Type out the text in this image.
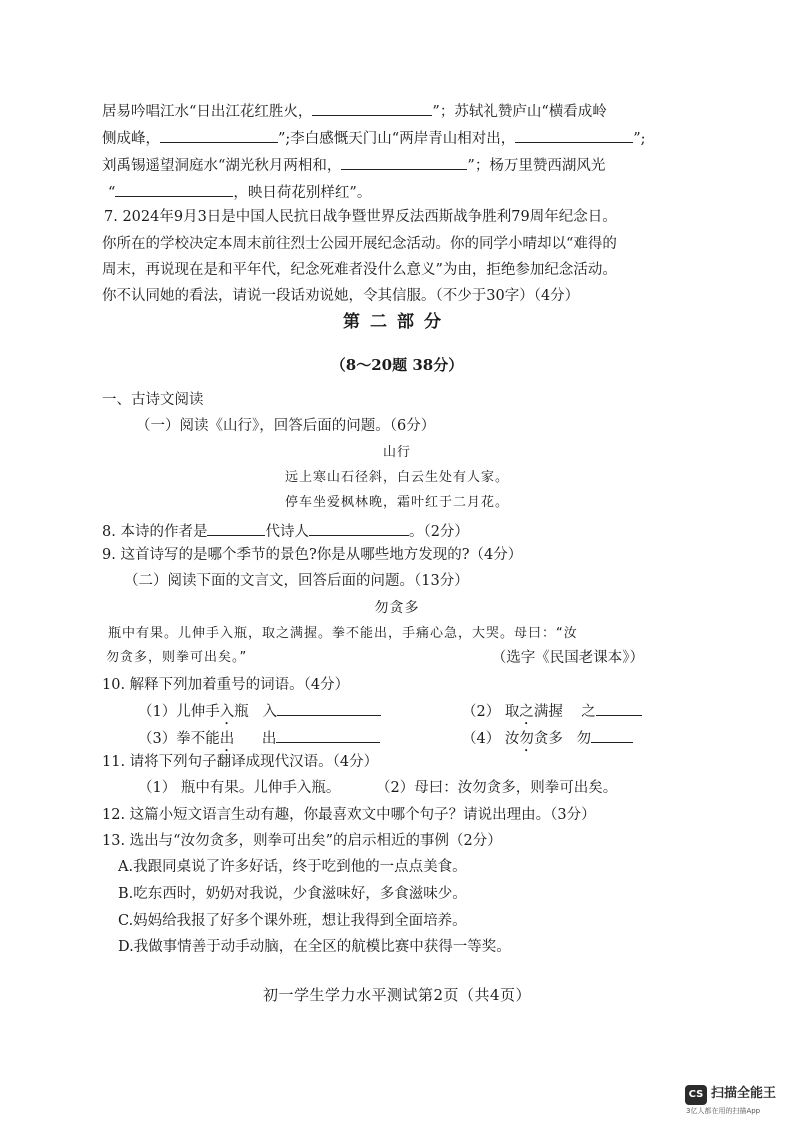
居易吟唱江水“日出江花红胜火，	”；苏轼礼赞庐山“横看成岭
侧成峰，	”;李白感慨天门山“两岸青山相对出，	”;
刘禹锡遥望洞庭水“湖光秋月两相和，	”；杨万里赞西湖风光
“	，映日荷花别样红”。
7. 2024年9月3日是中国人民抗日战争暨世界反法西斯战争胜利79周年纪念日。
你所在的学校决定本周末前往烈士公园开展纪念活动。你的同学小晴却以“难得的
周末，再说现在是和平年代，纪念死难者没什么意义”为由，拒绝参加纪念活动。
你不认同她的看法，请说一段话劝说她，令其信服。（不少于30字）（4分）
第二部分
（8～20题 38分）
一、古诗文阅读
（一）阅读《山行》，回答后面的问题。（6分）
山行
远上寒山石径斜，白云生处有人家。
停车坐爱枫林晚，霜叶红于二月花。
8. 本诗的作者是	代诗人	。（2分）
9. 这首诗写的是哪个季节的景色?你是从哪些地方发现的?（4分）
（二）阅读下面的文言文，回答后面的问题。（13分）
勿贪多
瓶中有果。儿伸手入瓶，取之满握。拳不能出，手痛心急，大哭。母曰：“汝
勿贪多，则拳可出矣。”	（选字《民国老课本》）
10. 解释下列加着重号的词语。（4分）
（1）儿伸手入瓶 入	（2） 取之满握 之
（3）拳不能出 出	（4） 汝勿贪多 勿
11. 请将下列句子翻译成现代汉语。（4分）
（1） 瓶中有果。儿伸手入瓶。 （2）母曰：汝勿贪多，则拳可出矣。
12. 这篇小短文语言生动有趣，你最喜欢文中哪个句子？请说出理由。（3分）
13. 选出与“汝勿贪多，则拳可出矣”的启示相近的事例（2分）
A.我跟同桌说了许多好话，终于吃到他的一点点美食。
B.吃东西时，奶奶对我说，少食滋味好，多食滋味少。
C.妈妈给我报了好多个课外班，想让我得到全面培养。
D.我做事情善于动手动脑，在全区的航模比赛中获得一等奖。
初一学生学力水平测试第2页（共4页）
CS 扫描全能王
3亿人都在用的扫描App
